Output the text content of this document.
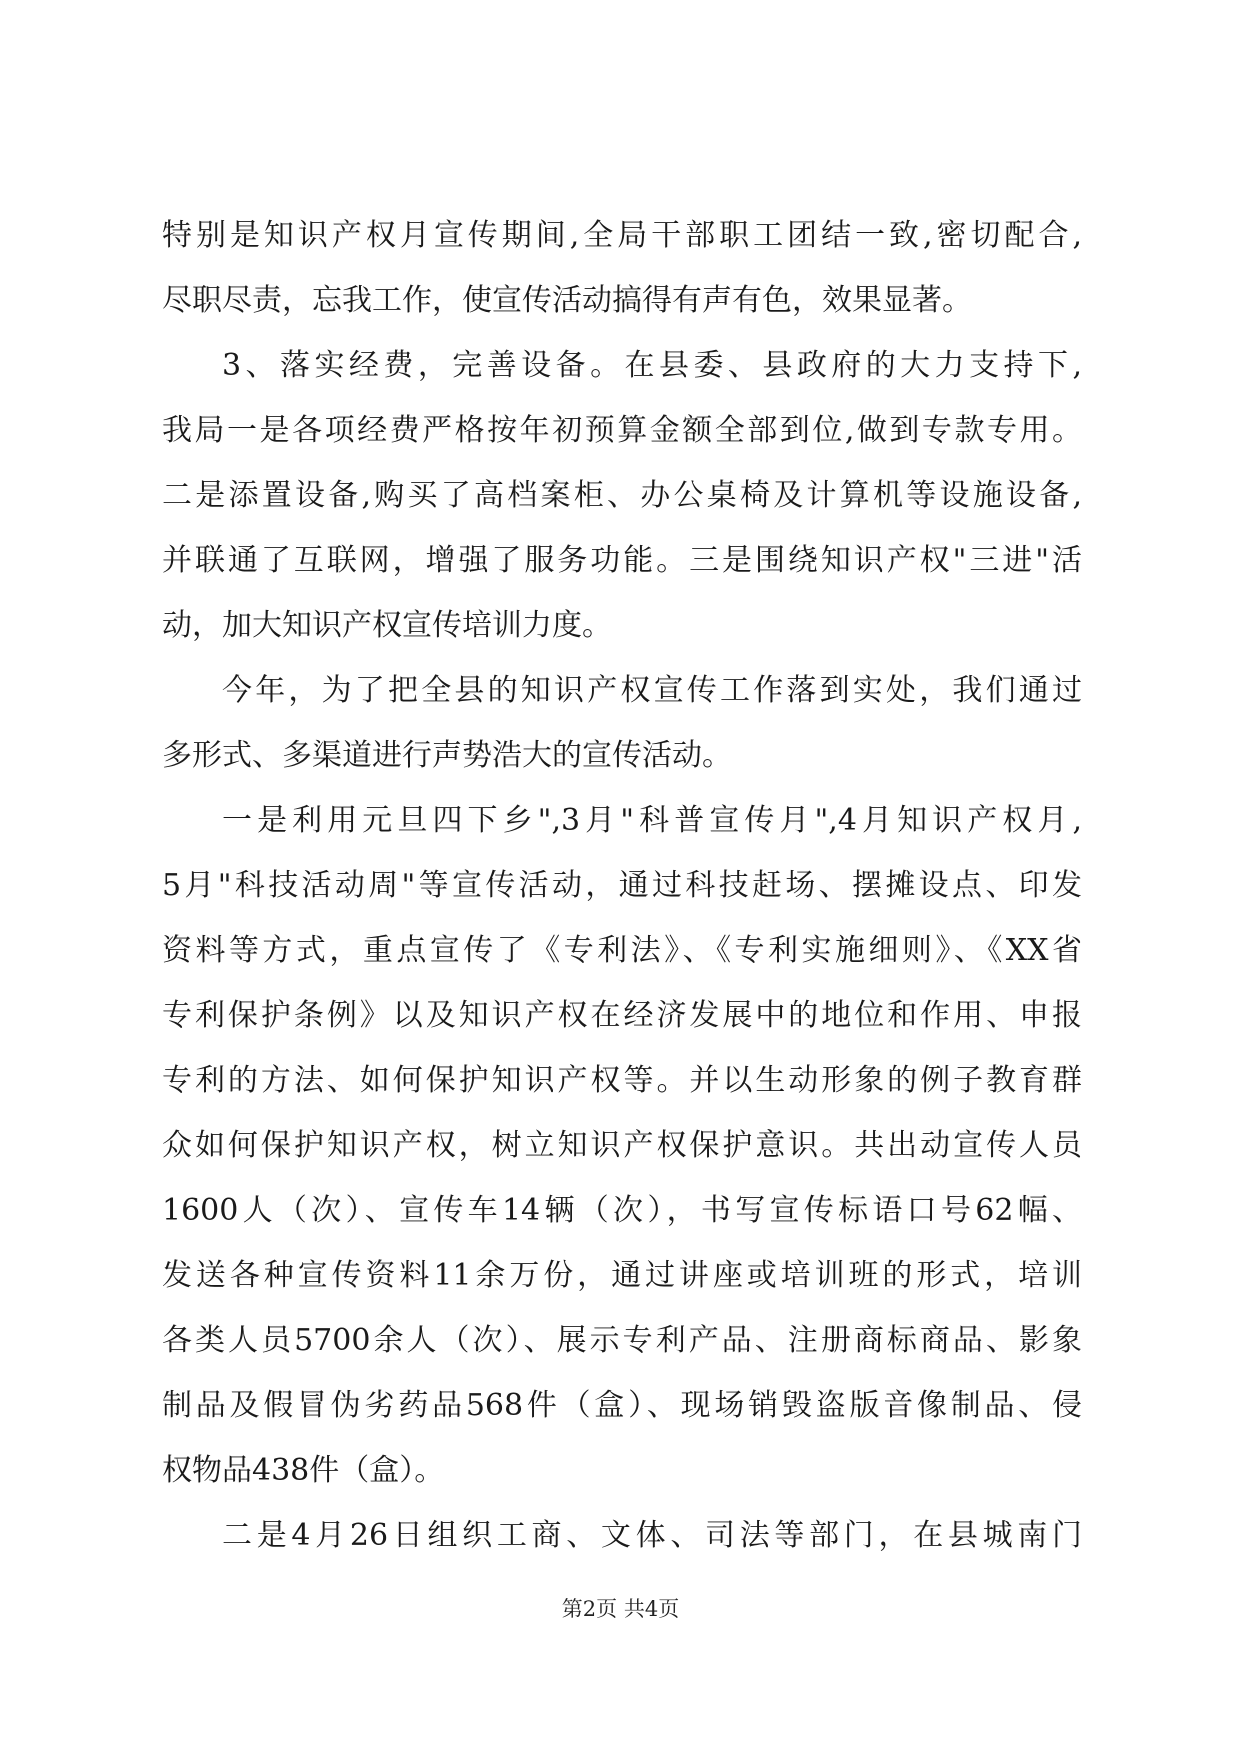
特别是知识产权月宣传期间,全局干部职工团结一致,密切配合,
尽职尽责，忘我工作，使宣传活动搞得有声有色，效果显著。
3、落实经费，完善设备。在县委、县政府的大力支持下,
我局一是各项经费严格按年初预算金额全部到位,做到专款专用。
二是添置设备,购买了高档案柜、办公桌椅及计算机等设施设备,
并联通了互联网，增强了服务功能。三是围绕知识产权"三进"活
动，加大知识产权宣传培训力度。
今年，为了把全县的知识产权宣传工作落到实处，我们通过
多形式、多渠道进行声势浩大的宣传活动。
一是利用元旦四下乡",3月"科普宣传月",4月知识产权月,
5月"科技活动周"等宣传活动，通过科技赶场、摆摊设点、印发
资料等方式，重点宣传了《专利法》、《专利实施细则》、《XX省
专利保护条例》以及知识产权在经济发展中的地位和作用、申报
专利的方法、如何保护知识产权等。并以生动形象的例子教育群
众如何保护知识产权，树立知识产权保护意识。共出动宣传人员
1600人（次）、宣传车14辆（次），书写宣传标语口号62幅、
发送各种宣传资料11余万份，通过讲座或培训班的形式，培训
各类人员5700余人（次）、展示专利产品、注册商标商品、影象
制品及假冒伪劣药品568件（盒）、现场销毁盗版音像制品、侵
权物品438件（盒）。
二是4月26日组织工商、文体、司法等部门，在县城南门
第2页 共4页
